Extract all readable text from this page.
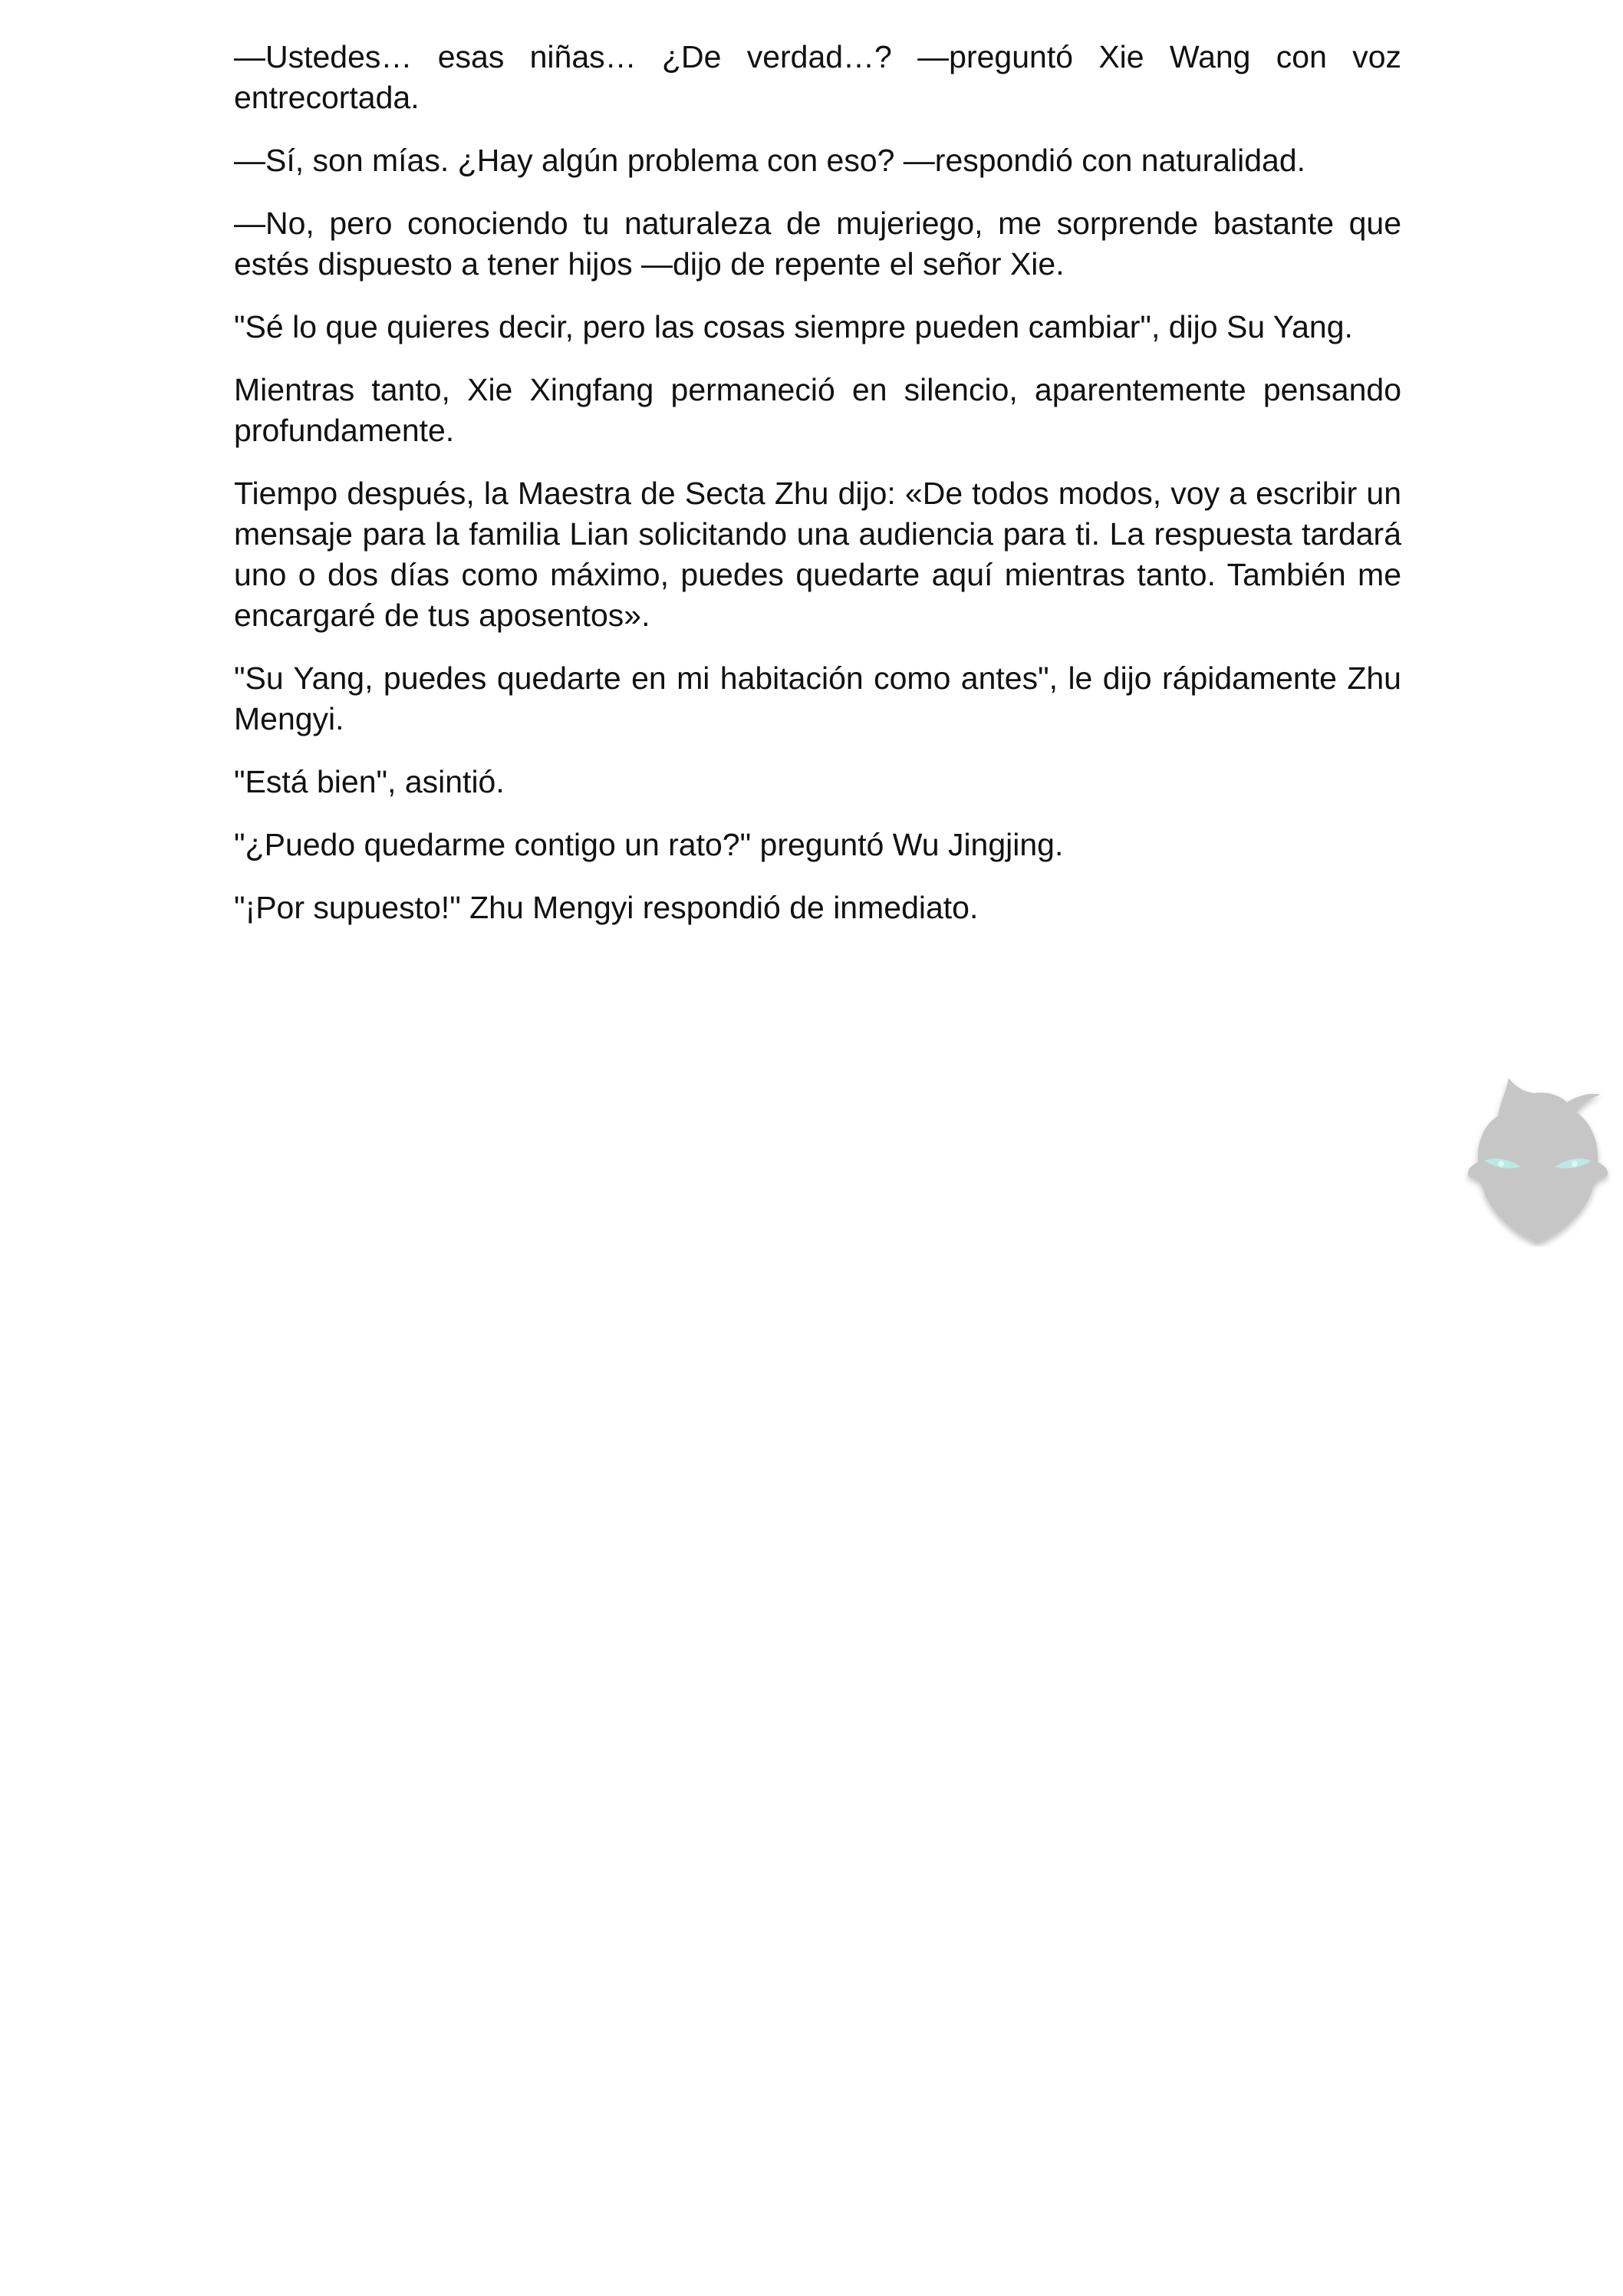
—Ustedes… esas niñas… ¿De verdad…? —preguntó Xie Wang con voz entrecortada.

—Sí, son mías. ¿Hay algún problema con eso? —respondió con naturalidad.

—No, pero conociendo tu naturaleza de mujeriego, me sorprende bastante que estés dispuesto a tener hijos —dijo de repente el señor Xie.

"Sé lo que quieres decir, pero las cosas siempre pueden cambiar", dijo Su Yang.

Mientras tanto, Xie Xingfang permaneció en silencio, aparentemente pensando profundamente.

Tiempo después, la Maestra de Secta Zhu dijo: «De todos modos, voy a escribir un mensaje para la familia Lian solicitando una audiencia para ti. La respuesta tardará uno o dos días como máximo, puedes quedarte aquí mientras tanto. También me encargaré de tus aposentos».

"Su Yang, puedes quedarte en mi habitación como antes", le dijo rápidamente Zhu Mengyi.

"Está bien", asintió.

"¿Puedo quedarme contigo un rato?" preguntó Wu Jingjing.

"¡Por supuesto!" Zhu Mengyi respondió de inmediato.
